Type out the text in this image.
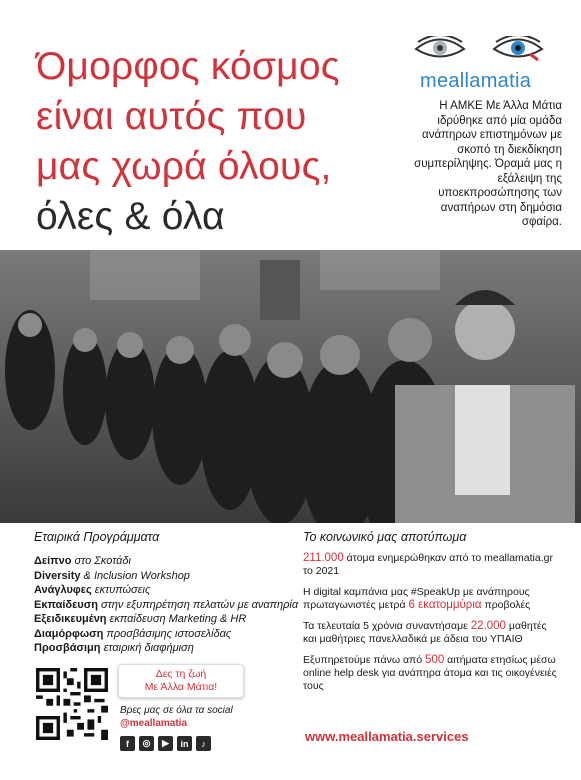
Όμορφος κόσμος
είναι αυτός που
μας χωρά όλους,
όλες & όλα
meallamatia
Η ΑΜΚΕ Με Άλλα Μάτια ιδρύθηκε από μία ομάδα ανάπηρων επιστημόνων με σκοπό τη διεκδίκηση συμπερίληψης. Όραμά μας η εξάλειψη της υποεκπροσώπησης των αναπήρων στη δημόσια σφαίρα.
Εταιρικά Προγράμματα
Δείπνο στο Σκοτάδι
Diversity & Inclusion Workshop
Ανάγλυφες εκτυπώσεις
Εκπαίδευση στην εξυπηρέτηση πελατών με αναπηρία
Εξειδικευμένη εκπαίδευση Marketing & HR
Διαμόρφωση προσβάσιμης ιστοσελίδας
Προσβάσιμη εταιρική διαφήμιση
Δες τη ζωή
Με Άλλα Μάτια!
Βρες μας σε όλα τα social @meallamatia
f	◎	▶	in	♪
Το κοινωνικό μας αποτύπωμα
211.000 άτομα ενημερώθηκαν από το meallamatia.gr το 2021
Η digital καμπάνια μας #SpeakUp με ανάπηρους πρωταγωνιστές μετρά 6 εκατομμύρια προβολές
Τα τελευταία 5 χρόνια συναντήσαμε 22.000 μαθητές και μαθήτριες πανελλαδικά με άδεια του ΥΠΑΙΘ
Εξυπηρετούμε πάνω από 500 αιτήματα ετησίως μέσω online help desk για ανάπηρα άτομα και τις οικογένειές τους
www.meallamatia.services
